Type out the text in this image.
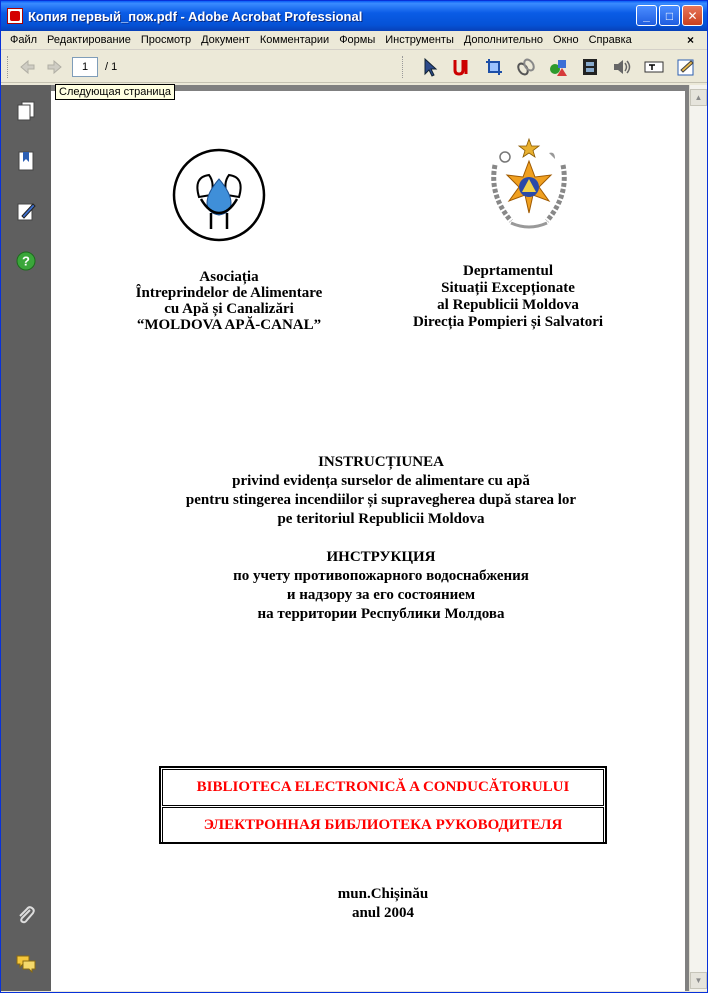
Копия первый_пож.pdf - Adobe Acrobat Professional	_	□	✕
Файл Редактирование Просмотр Документ Комментарии Формы Инструменты Дополнительно Окно Справка	×
1	/ 1
Следующая страница
?
Asociația
Întreprindelor de Alimentare
cu Apă și Canalizări
“MOLDOVA APĂ-CANAL”
Deprtamentul
Situații Excepționate
al Republicii Moldova
Direcția Pompieri și Salvatori
INSTRUCȚIUNEA
privind evidența surselor de alimentare cu apă
pentru stingerea incendiilor și supravegherea după starea lor
pe teritoriul Republicii Moldova
ИНСТРУКЦИЯ
по учету противопожарного водоснабжения
и надзору за его состоянием
на территории Республики Молдова
BIBLIOTECA ELECTRONICĂ A CONDUCĂTORULUI
ЭЛЕКТРОННАЯ БИБЛИОТЕКА РУКОВОДИТЕЛЯ
mun.Chișinău
anul 2004
▲
▼
